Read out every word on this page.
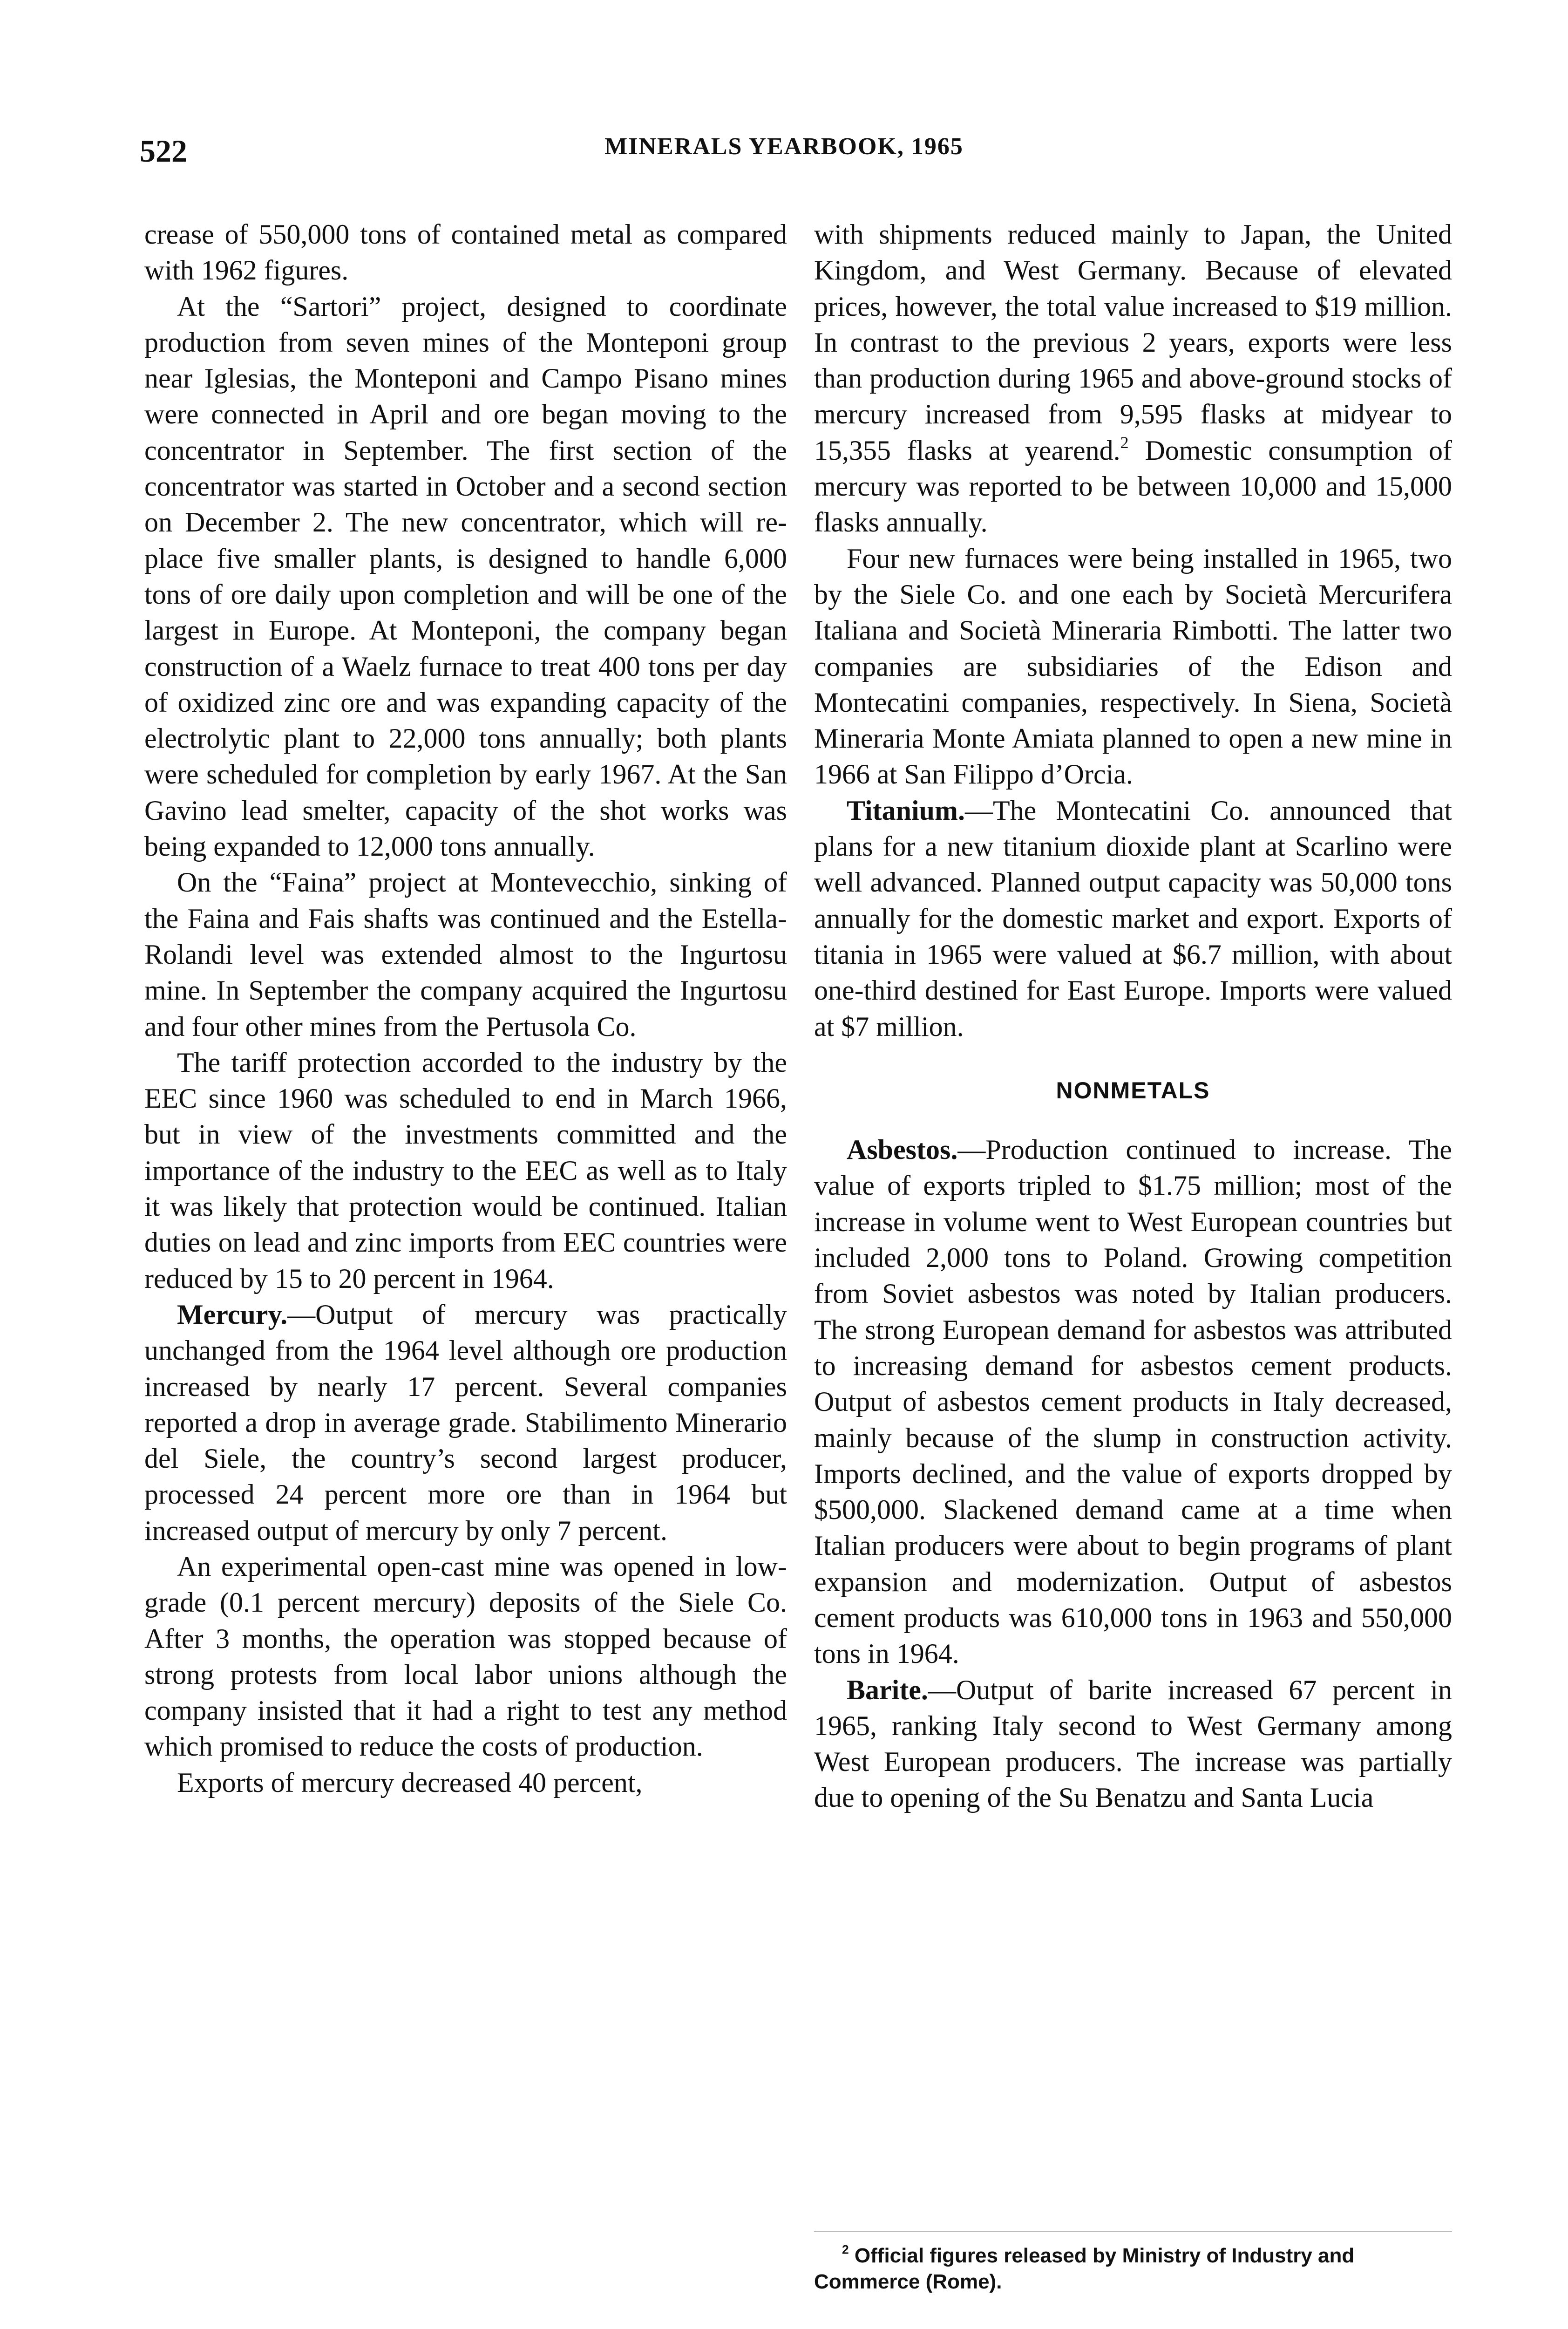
522	MINERALS YEARBOOK, 1965

crease of 550,000 tons of contained metal as compared with 1962 figures.

At the “Sartori” project, designed to coordinate production from seven mines of the Monteponi group near Iglesias, the Monteponi and Campo Pisano mines were connected in April and ore began moving to the concentrator in September. The first section of the concentrator was started in October and a second section on December 2. The new concentrator, which will replace five smaller plants, is designed to handle 6,000 tons of ore daily upon completion and will be one of the largest in Europe. At Monteponi, the company began construction of a Waelz furnace to treat 400 tons per day of oxidized zinc ore and was expanding capacity of the electrolytic plant to 22,000 tons annually; both plants were scheduled for completion by early 1967. At the San Gavino lead smelter, capacity of the shot works was being expanded to 12,000 tons annually.

On the “Faina” project at Montevecchio, sinking of the Faina and Fais shafts was continued and the Estella-Rolandi level was extended almost to the Ingurtosu mine. In September the company acquired the Ingurtosu and four other mines from the Pertusola Co.

The tariff protection accorded to the industry by the EEC since 1960 was scheduled to end in March 1966, but in view of the investments committed and the importance of the industry to the EEC as well as to Italy it was likely that protection would be continued. Italian duties on lead and zinc imports from EEC countries were reduced by 15 to 20 percent in 1964.

Mercury.—Output of mercury was practically unchanged from the 1964 level although ore production increased by nearly 17 percent. Several companies reported a drop in average grade. Stabilimento Minerario del Siele, the country’s second largest producer, processed 24 percent more ore than in 1964 but increased output of mercury by only 7 percent.

An experimental open-cast mine was opened in low-grade (0.1 percent mercury) deposits of the Siele Co. After 3 months, the operation was stopped because of strong protests from local labor unions although the company insisted that it had a right to test any method which promised to reduce the costs of production.

Exports of mercury decreased 40 percent,

with shipments reduced mainly to Japan, the United Kingdom, and West Germany. Because of elevated prices, however, the total value increased to $19 million. In contrast to the previous 2 years, exports were less than production during 1965 and above-ground stocks of mercury increased from 9,595 flasks at midyear to 15,355 flasks at yearend.$^2$ Domestic consumption of mercury was reported to be between 10,000 and 15,000 flasks annually.

Four new furnaces were being installed in 1965, two by the Siele Co. and one each by Società Mercurifera Italiana and Società Mineraria Rimbotti. The latter two companies are subsidiaries of the Edison and Montecatini companies, respectively. In Siena, Società Mineraria Monte Amiata planned to open a new mine in 1966 at San Filippo d’Orcia.

Titanium.—The Montecatini Co. announced that plans for a new titanium dioxide plant at Scarlino were well advanced. Planned output capacity was 50,000 tons annually for the domestic market and export. Exports of titania in 1965 were valued at $6.7 million, with about one-third destined for East Europe. Imports were valued at $7 million.

NONMETALS

Asbestos.—Production continued to increase. The value of exports tripled to $1.75 million; most of the increase in volume went to West European countries but included 2,000 tons to Poland. Growing competition from Soviet asbestos was noted by Italian producers. The strong European demand for asbestos was attributed to increasing demand for asbestos cement products. Output of asbestos cement products in Italy decreased, mainly because of the slump in construction activity. Imports declined, and the value of exports dropped by $500,000. Slackened demand came at a time when Italian producers were about to begin programs of plant expansion and modernization. Output of asbestos cement products was 610,000 tons in 1963 and 550,000 tons in 1964.

Barite.—Output of barite increased 67 percent in 1965, ranking Italy second to West Germany among West European producers. The increase was partially due to opening of the Su Benatzu and Santa Lucia

$^2$ Official figures released by Ministry of Industry and Commerce (Rome).
